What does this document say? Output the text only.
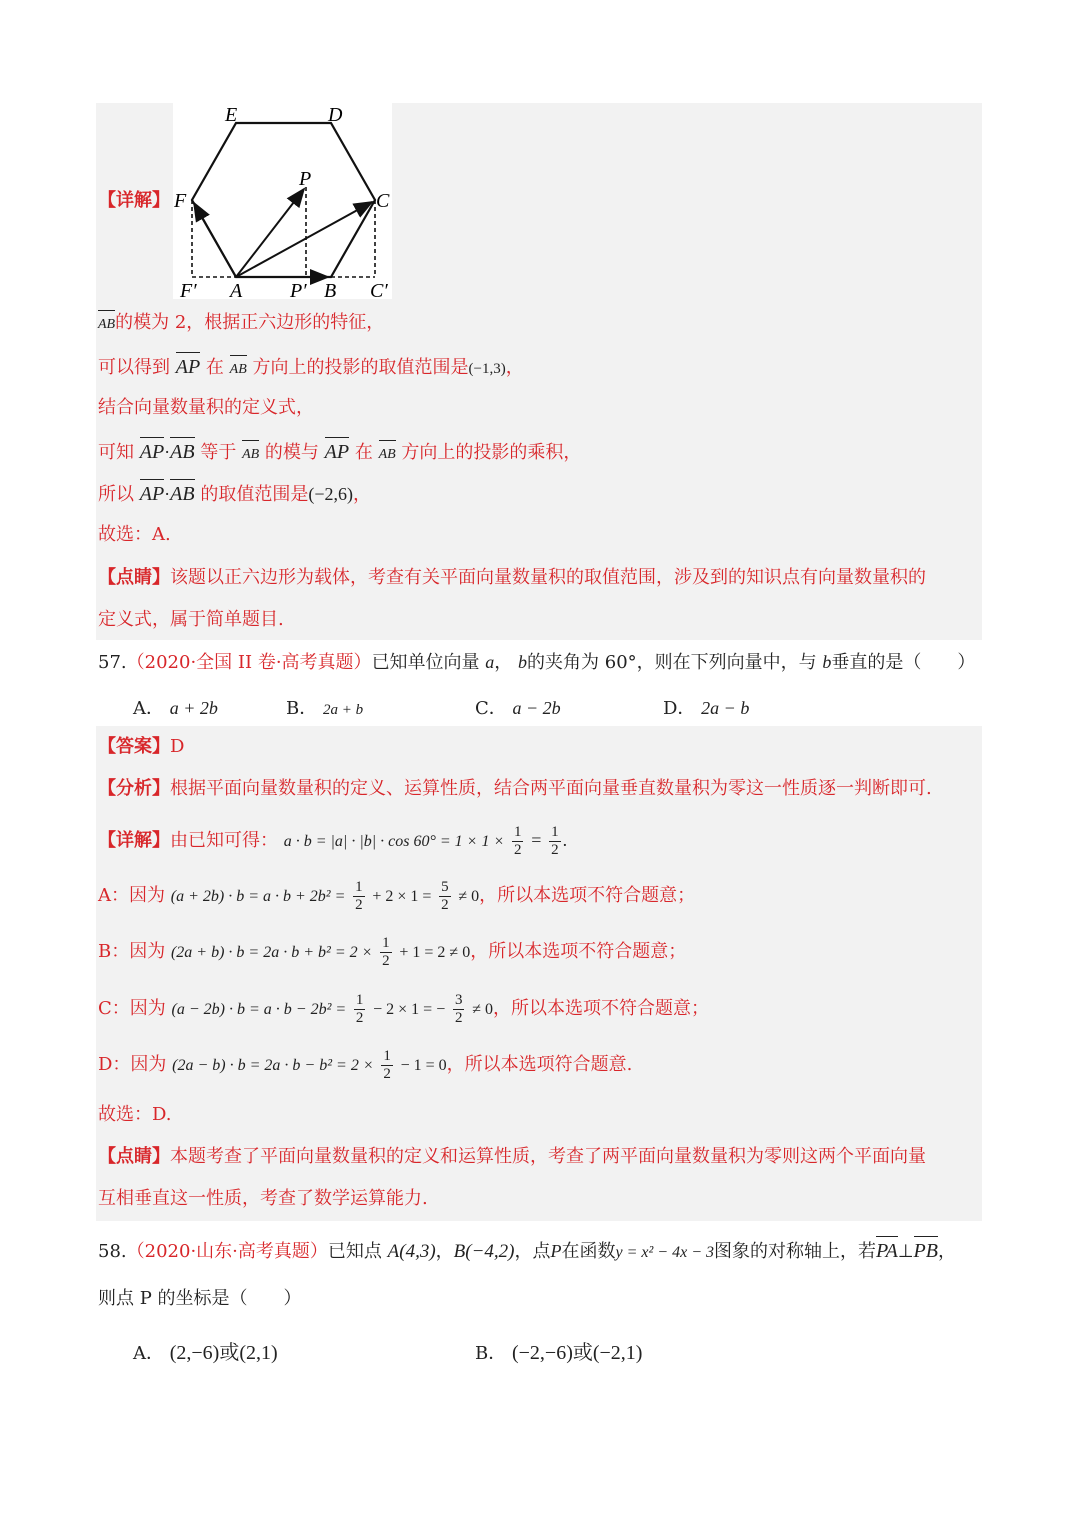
E	D
P
F	C
F′ A P′ B C′
【详解】
AB的模为 2，根据正六边形的特征，
可以得到 AP 在 AB 方向上的投影的取值范围是(−1,3)，
结合向量数量积的定义式，
可知 AP·AB 等于 AB 的模与 AP 在 AB 方向上的投影的乘积，
所以 AP·AB 的取值范围是(−2,6)，
故选：A.
【点睛】该题以正六边形为载体，考查有关平面向量数量积的取值范围，涉及到的知识点有向量数量积的
定义式，属于简单题目.
57.（2020·全国 II 卷·高考真题）已知单位向量 a， b的夹角为 60°，则在下列向量中，与 b垂直的是（　　）
A． a + 2b	B． 2a + b	C． a − 2b	D． 2a − b
【答案】D
【分析】根据平面向量数量积的定义、运算性质，结合两平面向量垂直数量积为零这一性质逐一判断即可.
【详解】由已知可得： $a \cdot b = |a| \cdot |b| \cdot \cos 60^\circ = 1 \times 1 \times \frac{1}{2} = \frac{1}{2}$ .
A：因为 $(a + 2b) \cdot b = a \cdot b + 2b^2 = \frac{1}{2} + 2 \times 1 = \frac{5}{2} \ne 0$，所以本选项不符合题意；
B：因为 $(2a + b) \cdot b = 2a \cdot b + b^2 = 2 \times \frac{1}{2} + 1 = 2 \ne 0$，所以本选项不符合题意；
C：因为 $(a - 2b) \cdot b = a \cdot b - 2b^2 = \frac{1}{2} - 2 \times 1$ = − $\frac{3}{2} \ne 0$，所以本选项不符合题意；
D：因为 $(2a - b) \cdot b = 2a \cdot b - b^2 = 2 \times \frac{1}{2} - 1 = 0$，所以本选项符合题意.
故选：D.
【点睛】本题考查了平面向量数量积的定义和运算性质，考查了两平面向量数量积为零则这两个平面向量
互相垂直这一性质，考查了数学运算能力.
58.（2020·山东·高考真题）已知点 A(4,3)，B(−4,2)，点P在函数y = x² − 4x − 3图象的对称轴上，若PA⊥PB，
则点 P 的坐标是（　　）
A． (2,−6)或(2,1)	B． (−2,−6)或(−2,1)
